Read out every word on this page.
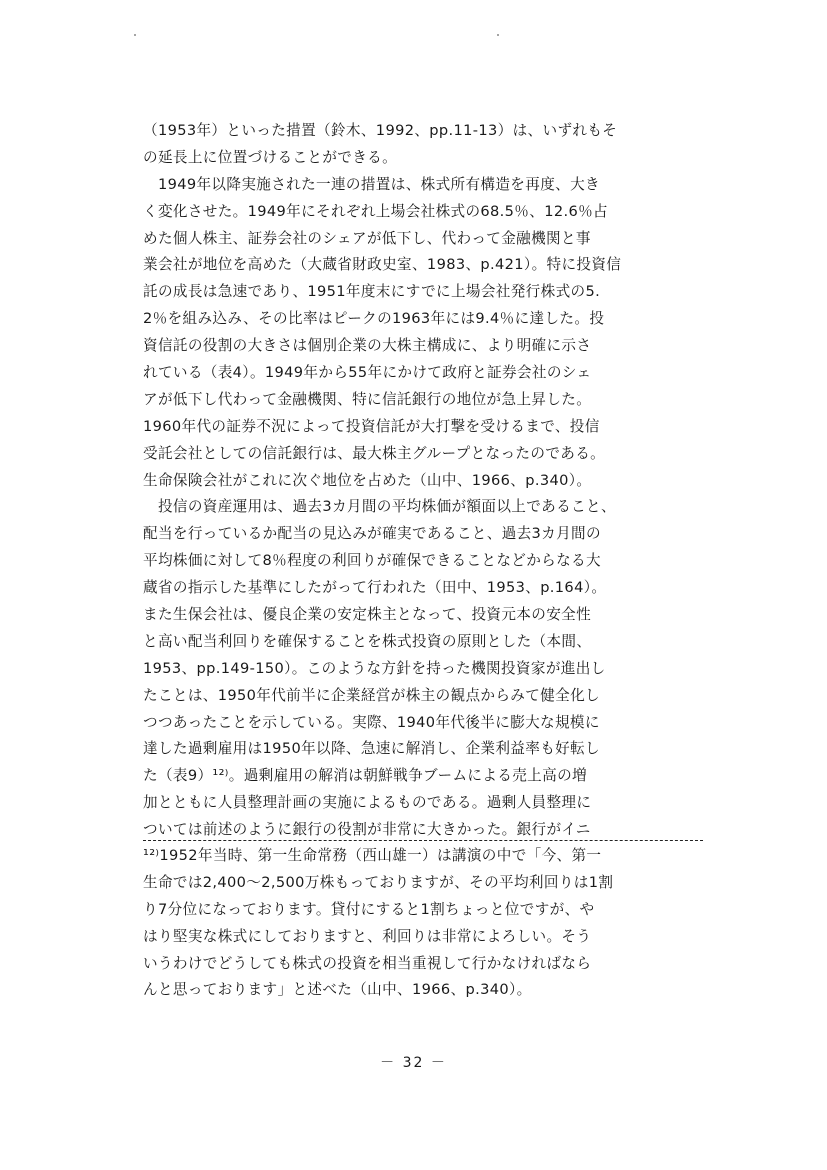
（1953年）といった措置（鈴木、1992、pp.11-13）は、いずれもそ
の延長上に位置づけることができる。
　1949年以降実施された一連の措置は、株式所有構造を再度、大き
く変化させた。1949年にそれぞれ上場会社株式の68.5％、12.6％占
めた個人株主、証券会社のシェアが低下し、代わって金融機関と事
業会社が地位を高めた（大蔵省財政史室、1983、p.421）。特に投資信
託の成長は急速であり、1951年度末にすでに上場会社発行株式の5.
2％を組み込み、その比率はピークの1963年には9.4％に達した。投
資信託の役割の大きさは個別企業の大株主構成に、より明確に示さ
れている（表4）。1949年から55年にかけて政府と証券会社のシェ
アが低下し代わって金融機関、特に信託銀行の地位が急上昇した。
1960年代の証券不況によって投資信託が大打撃を受けるまで、投信
受託会社としての信託銀行は、最大株主グループとなったのである。
生命保険会社がこれに次ぐ地位を占めた（山中、1966、p.340）。
　投信の資産運用は、過去3カ月間の平均株価が額面以上であること、
配当を行っているか配当の見込みが確実であること、過去3カ月間の
平均株価に対して8％程度の利回りが確保できることなどからなる大
蔵省の指示した基準にしたがって行われた（田中、1953、p.164）。
また生保会社は、優良企業の安定株主となって、投資元本の安全性
と高い配当利回りを確保することを株式投資の原則とした（本間、
1953、pp.149-150）。このような方針を持った機関投資家が進出し
たことは、1950年代前半に企業経営が株主の観点からみて健全化し
つつあったことを示している。実際、1940年代後半に膨大な規模に
達した過剰雇用は1950年以降、急速に解消し、企業利益率も好転し
た（表9）¹²⁾。過剰雇用の解消は朝鮮戦争ブームによる売上高の増
加とともに人員整理計画の実施によるものである。過剰人員整理に
ついては前述のように銀行の役割が非常に大きかった。銀行がイニ
¹²⁾1952年当時、第一生命常務（西山雄一）は講演の中で「今、第一
生命では2,400〜2,500万株もっておりますが、その平均利回りは1割
り7分位になっております。貸付にすると1割ちょっと位ですが、や
はり堅実な株式にしておりますと、利回りは非常によろしい。そう
いうわけでどうしても株式の投資を相当重視して行かなければなら
んと思っております」と述べた（山中、1966、p.340）。
－ 32 －
